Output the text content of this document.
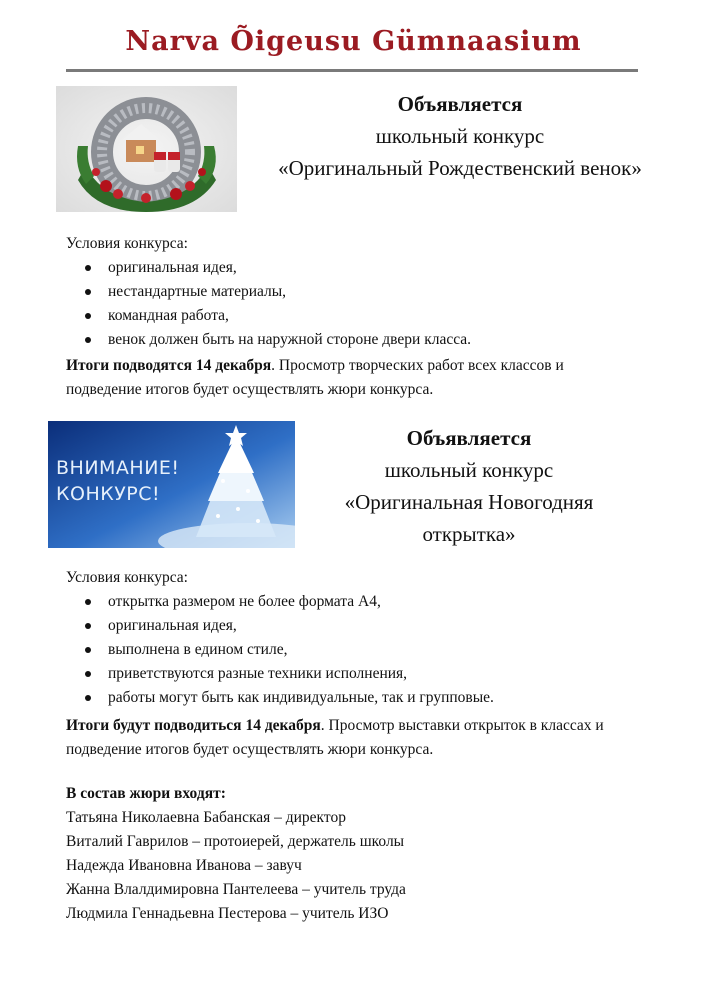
Narva Õigeusu Gümnaasium
Объявляется
школьный конкурс
«Оригинальный Рождественский венок»
Условия конкурса:
оригинальная идея,
нестандартные материалы,
командная работа,
венок должен быть на наружной стороне двери класса.
Итоги подводятся 14 декабря. Просмотр творческих работ всех классов и подведение итогов будет осуществлять жюри конкурса.
ВНИМАНИЕ!
КОНКУРС!
Объявляется
школьный конкурс
«Оригинальная Новогодняя
открытка»
Условия конкурса:
открытка размером не более формата А4,
оригинальная идея,
выполнена в едином стиле,
приветствуются разные техники исполнения,
работы могут быть как индивидуальные, так и групповые.
Итоги будут подводиться 14 декабря. Просмотр выставки открыток в классах и подведение итогов будет осуществлять жюри конкурса.
В состав жюри входят:
Татьяна Николаевна Бабанская – директор
Виталий Гаврилов – протоиерей, держатель школы
Надежда Ивановна Иванова – завуч
Жанна Влалдимировна Пантелеева – учитель труда
Людмила Геннадьевна Пестерова – учитель ИЗО
